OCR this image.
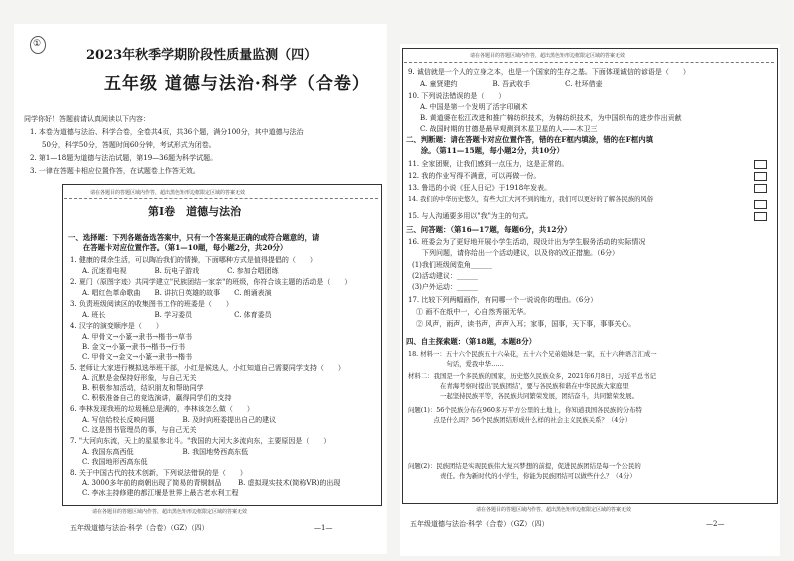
①
2023年秋季学期阶段性质量监测（四）
五年级 道德与法治·科学（合卷）
同学你好！答题前请认真阅读以下内容：
1. 本卷为道德与法治、科学合卷，全卷共4页，共36个题，满分100分，其中道德与法治
50分，科学50分，答题时间60分钟，考试形式为闭卷。
2. 第1—18题为道德与法治试题，第19—36题为科学试题。
3. 一律在答题卡相应位置作答，在试题卷上作答无效。
请在各题目的答题区域内作答，超出黑色矩形边框限定区域的答案无效
第Ⅰ卷　道德与法治
一、选择题：下列各题备选答案中，只有一个答案是正确的或符合题意的，请
　　在答题卡对应位置作答。（第1—10题，每小题2分，共20分）
1. 健康的课余生活，可以陶冶我们的情操，下面哪种方式是值得提倡的（　　）
A. 沉迷看电视　　　　B. 玩电子游戏　　　　C. 参加合唱团练
2. 夏门（原图字迹）共同学建立"民族团结一家亲"的班级，你符合该主题的活动是（　　）
A. 唱红色革命歌曲　　B. 讲抗日英雄的故事　　C. 朗诵表演
3. 负责班级阅读区的收集图书工作的班委是（　　）
A. 班长　　　　　　　B. 学习委员　　　　　　C. 体育委员
4. 汉字的演变顺序是（　　）
A. 甲骨文→小篆→隶书→楷书→草书
B. 金文→小篆→隶书→楷书→行书
C. 甲骨文→金文→小篆→隶书→楷书
5. 老师让大家进行模拟选举班干部，小红是候选人，小红知道自己需要同学支持（　　）
A. 沉默是金保持好形象，与自己无关
B. 积极参加活动，结识朋友和帮助同学
C. 积极准备自己的竞选演讲，赢得同学们的支持
6. 李林发现我班的垃圾桶总是满的，李林该怎么做（　　）
A. 写信给校长反映问题　　　　B. 及时向班委提出自己的建议
C. 这是图书管理员的事，与自己无关
7. "大河向东流，天上的星星参北斗。"我国的大河大多流向东，主要原因是（　　）
A. 我国东高西低　　　　　　　B. 我国地势西高东低
C. 我国地形西高东低
8. 关于中国古代的技术创新，下列说法错误的是（　　）
A. 3000多年前的商朝出现了简易的青铜制品
C. 李冰主持修建的都江堰是世界上最古老水利工程
B. 虚拟现实技术(简称VR)的出现
请在各题目的答题区域内作答，超出黑色矩形边框限定区域的答案无效
五年级道德与法治·科学（合卷）（GZ）（四）	—1—
请在各题目的答题区域内作答，超出黑色矩形边框限定区域的答案无效
9. 诚信就是一个人的立身之本，也是一个国家的生存之基。下面体现诚信的谚语是（　　）
A. 童贤建约　　　　　B. 吾武收手　　　　　C. 杜环借壶
10. 下列说法错误的是（　　）
A. 中国是第一个发明了活字印刷术
B. 黄道婆在松江改进和推广棉纺织技术，为棉纺织技术，为中国织布的进步作出贡献
C. 战国时期的甘德是最早观测到木星卫星的人——木卫三
二、判断题：请在答题卡对应位置作答，错的在F框内填涂，错的在F框内填
　　涂。（第11—15题，每小题2分，共10分）
11. 全家团聚，让我们感到一点压力，这是正常的。
12. 我的作业写得不满意，可以再做一份。
13. 鲁迅的小说《狂人日记》于1918年发表。
14. 我们的中华历史悠久，有些大江大河不到的地方，我们可以更好的了解各民族的风俗
15. 与人沟通要多用以"我"为主的句式。
三、问答题：（第16—17题，每题6分，共12分）
16. 班委会为了更好地开展小学生活动，现设计出为学生服务活动的实际情况
　　下列问题，请你给出一个活动建议，以及你的改正措施。（6分）
(1)我们班级阅览角______
(2)活动建议：______
(3)户外运动：______
17. 比较下列两幅画作，有同哪一个一说说你的理由。（6分）
① 画不在纸中一，心自然秀丽无华。
② 风声，雨声，读书声，声声入耳；家事，国事，天下事，事事关心。
四、自主探索题：（第18题，本题8分）
18. 材料一：五十六个民族五十六朵花，五十六个兄弟姐妹是一家，五十六种语言汇成一
　　　　　　句话，爱我中华……
材料二：我国是一个多民族的国家，历史悠久民族众多，2021年6月8日，习近平总书记
　　　　　在青海考察时提出'民族团结'，要与各民族和谐在中华民族大家庭里
　　　　　一起坚持民族平等，各民族共同繁荣发展，团结奋斗，共同繁荣发展。
问题(1)：56个民族分布在960多万平方公里的土地上，你知道我国各民族的分布特
　　　　点是什么吗？56个民族团结形成什么样的社会主义民族关系？（4分）
问题(2)：民族团结是实现民族伟大复兴梦想的前提，促进民族团结是每一个公民的
　　　　　责任。作为新时代的小学生，你能为民族团结可以做些什么？（4分）
请在各题目的答题区域内作答，超出黑色矩形边框限定区域的答案无效
五年级道德与法治·科学（合卷）（GZ）（四）	—2—
